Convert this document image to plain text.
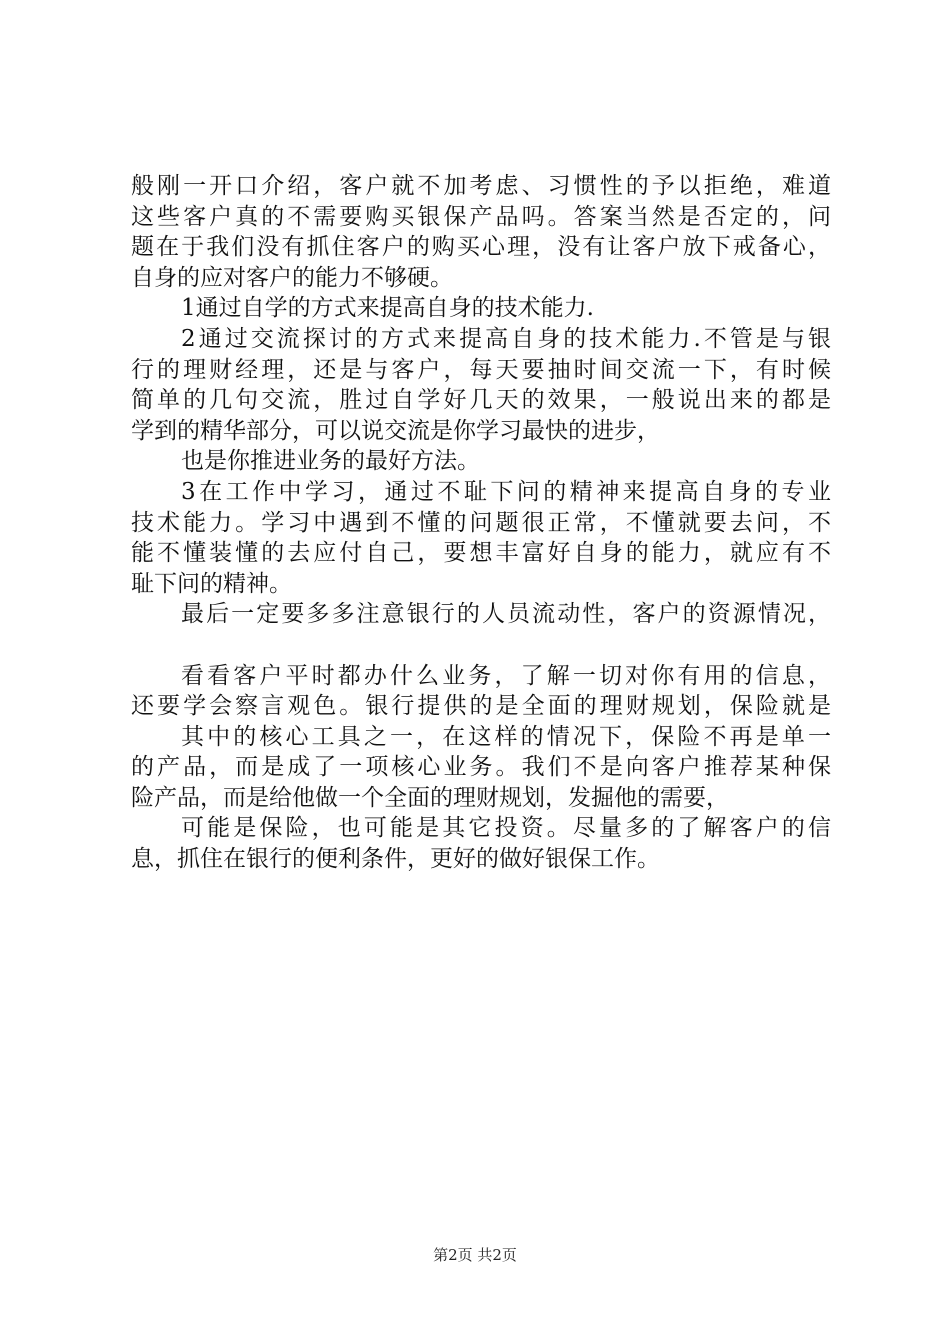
般刚一开口介绍，客户就不加考虑、习惯性的予以拒绝，难道
这些客户真的不需要购买银保产品吗。答案当然是否定的，问
题在于我们没有抓住客户的购买心理，没有让客户放下戒备心，
自身的应对客户的能力不够硬。
1通过自学的方式来提高自身的技术能力.
2通过交流探讨的方式来提高自身的技术能力.不管是与银
行的理财经理，还是与客户，每天要抽时间交流一下，有时候
简单的几句交流，胜过自学好几天的效果，一般说出来的都是
学到的精华部分，可以说交流是你学习最快的进步，
也是你推进业务的最好方法。
3在工作中学习，通过不耻下问的精神来提高自身的专业
技术能力。学习中遇到不懂的问题很正常，不懂就要去问，不
能不懂装懂的去应付自己，要想丰富好自身的能力，就应有不
耻下问的精神。
最后一定要多多注意银行的人员流动性，客户的资源情况，
看看客户平时都办什么业务，了解一切对你有用的信息，
还要学会察言观色。银行提供的是全面的理财规划，保险就是
其中的核心工具之一，在这样的情况下，保险不再是单一
的产品，而是成了一项核心业务。我们不是向客户推荐某种保
险产品，而是给他做一个全面的理财规划，发掘他的需要，
可能是保险，也可能是其它投资。尽量多的了解客户的信
息，抓住在银行的便利条件，更好的做好银保工作。
第2页 共2页
